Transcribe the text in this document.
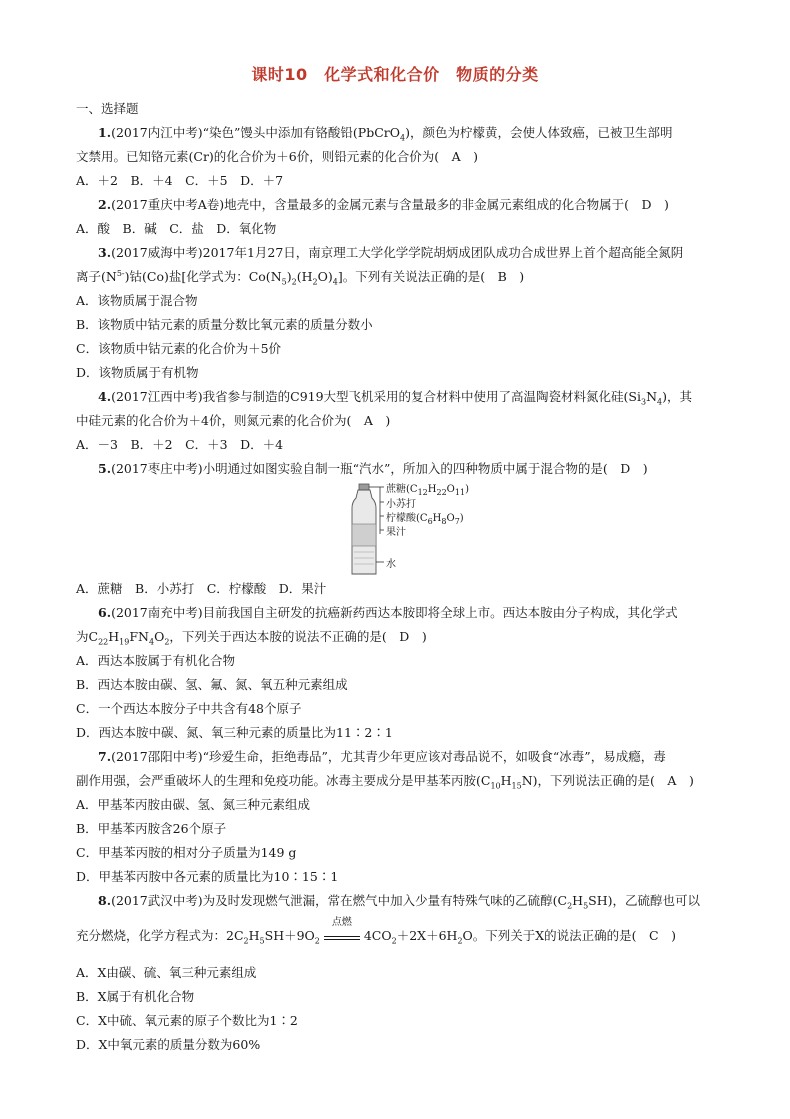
课时10　化学式和化合价　物质的分类
一、选择题
1.(2017内江中考)“染色”馒头中添加有铬酸铅(PbCrO$_4$)，颜色为柠檬黄，会使人体致癌，已被卫生部明
文禁用。已知铬元素(Cr)的化合价为＋6价，则铅元素的化合价为(　A　)
A．＋2　B．＋4　C．＋5　D．＋7
2.(2017重庆中考A卷)地壳中，含量最多的金属元素与含量最多的非金属元素组成的化合物属于(　D　)
A．酸　B．碱　C．盐　D．氧化物
3.(2017威海中考)2017年1月27日，南京理工大学化学学院胡炳成团队成功合成世界上首个超高能全氮阴
离子$(N^{5-})$钴(Co)盐[化学式为：$Co(N_5)_2(H_2O)_4$]。下列有关说法正确的是(　B　)
A．该物质属于混合物
B．该物质中钴元素的质量分数比氧元素的质量分数小
C．该物质中钴元素的化合价为＋5价
D．该物质属于有机物
4.(2017江西中考)我省参与制造的C919大型飞机采用的复合材料中使用了高温陶瓷材料氮化硅$(Si_3N_4)$，其
中硅元素的化合价为＋4价，则氮元素的化合价为(　A　)
A．－3　B．＋2　C．＋3　D．＋4
5.(2017枣庄中考)小明通过如图实验自制一瓶“汽水”，所加入的四种物质中属于混合物的是(　D　)
蔗糖$(C_{12}H_{22}O_{11})$
小苏打
柠檬酸$(C_6H_8O_7)$
果汁
水
A．蔗糖　B．小苏打　C．柠檬酸　D．果汁
6.(2017南充中考)目前我国自主研发的抗癌新药西达本胺即将全球上市。西达本胺由分子构成，其化学式
为$C_{22}H_{19}FN_4O_2$，下列关于西达本胺的说法不正确的是(　D　)
A．西达本胺属于有机化合物
B．西达本胺由碳、氢、氟、氮、氧五种元素组成
C．一个西达本胺分子中共含有48个原子
D．西达本胺中碳、氮、氧三种元素的质量比为11∶2∶1
7.(2017邵阳中考)“珍爱生命，拒绝毒品”，尤其青少年更应该对毒品说不，如吸食“冰毒”，易成瘾，毒
副作用强，会严重破坏人的生理和免疫功能。冰毒主要成分是甲基苯丙胺$(C_{10}H_{15}N)$，下列说法正确的是(　A　)
A．甲基苯丙胺由碳、氢、氮三种元素组成
B．甲基苯丙胺含26个原子
C．甲基苯丙胺的相对分子质量为149 g
D．甲基苯丙胺中各元素的质量比为10∶15∶1
8.(2017武汉中考)为及时发现燃气泄漏，常在燃气中加入少量有特殊气味的乙硫醇$(C_2H_5SH)$，乙硫醇也可以
充分燃烧，化学方程式为：$2C_2H_5SH+9O_2$
点燃
$4CO_2+2X+6H_2O$。下列关于X的说法正确的是(　C　)
A．X由碳、硫、氧三种元素组成
B．X属于有机化合物
C．X中硫、氧元素的原子个数比为1∶2
D．X中氧元素的质量分数为60%
